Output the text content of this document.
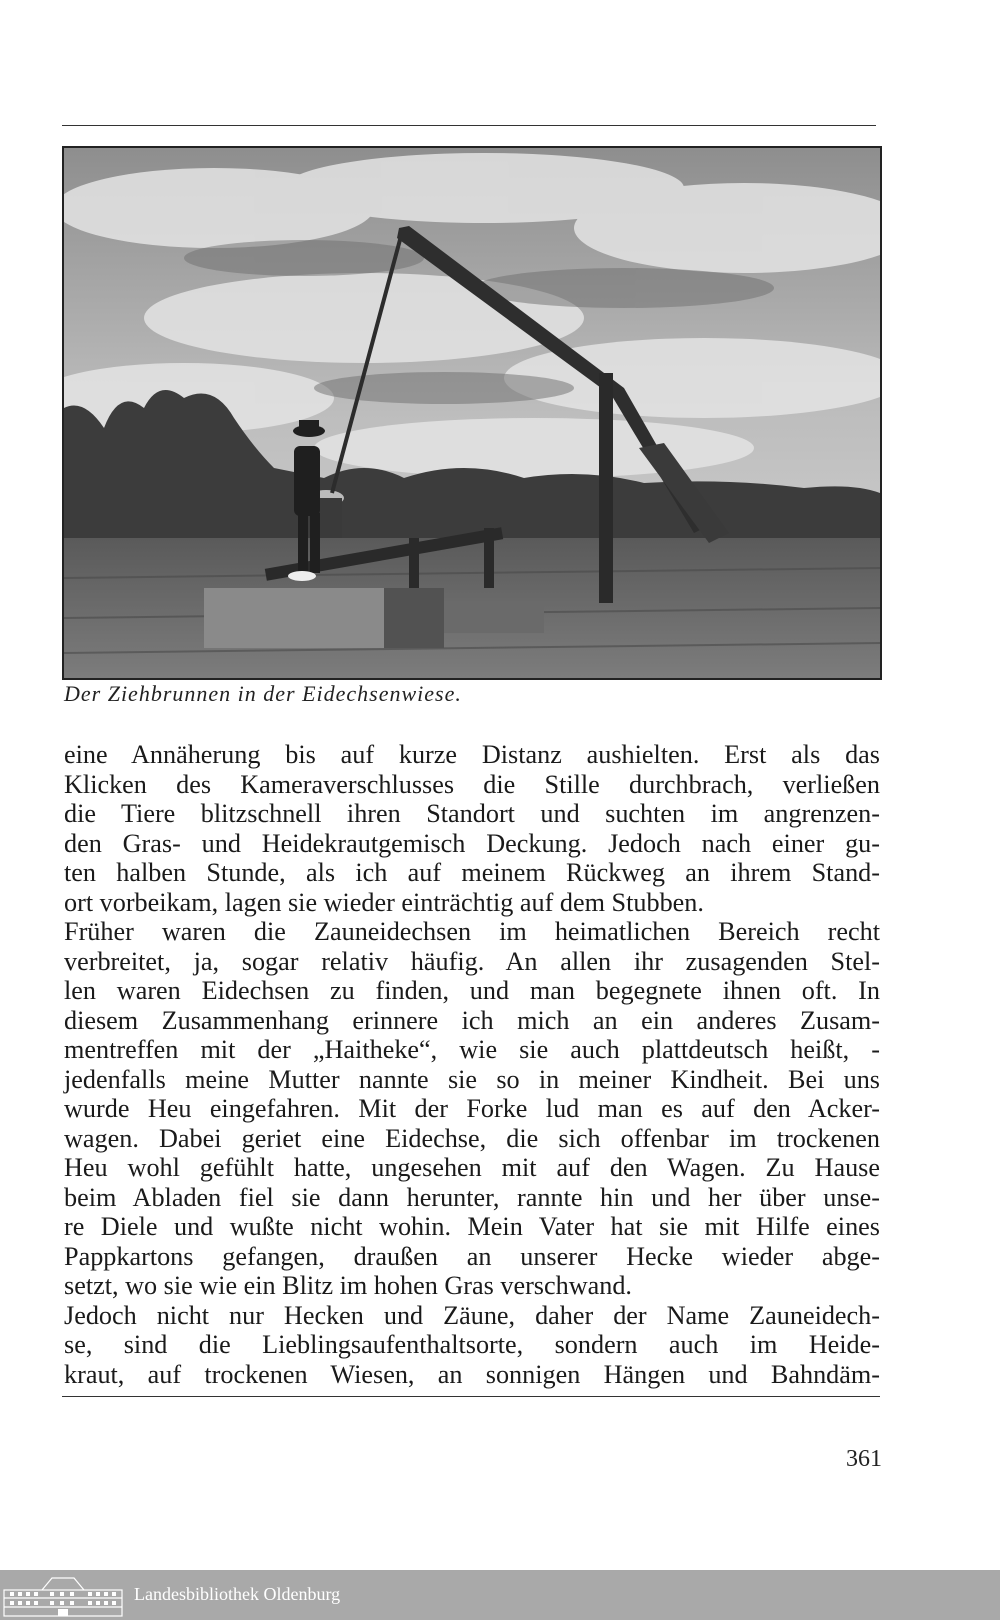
Der Ziehbrunnen in der Eidechsenwiese.
eine Annäherung bis auf kurze Distanz aushielten. Erst als das
Klicken des Kameraverschlusses die Stille durchbrach, verließen
die Tiere blitzschnell ihren Standort und suchten im angrenzen-
den Gras- und Heidekrautgemisch Deckung. Jedoch nach einer gu-
ten halben Stunde, als ich auf meinem Rückweg an ihrem Stand-
ort vorbeikam, lagen sie wieder einträchtig auf dem Stubben.
Früher waren die Zauneidechsen im heimatlichen Bereich recht
verbreitet, ja, sogar relativ häufig. An allen ihr zusagenden Stel-
len waren Eidechsen zu finden, und man begegnete ihnen oft. In
diesem Zusammenhang erinnere ich mich an ein anderes Zusam-
mentreffen mit der „Haitheke“, wie sie auch plattdeutsch heißt, -
jedenfalls meine Mutter nannte sie so in meiner Kindheit. Bei uns
wurde Heu eingefahren. Mit der Forke lud man es auf den Acker-
wagen. Dabei geriet eine Eidechse, die sich offenbar im trockenen
Heu wohl gefühlt hatte, ungesehen mit auf den Wagen. Zu Hause
beim Abladen fiel sie dann herunter, rannte hin und her über unse-
re Diele und wußte nicht wohin. Mein Vater hat sie mit Hilfe eines
Pappkartons gefangen, draußen an unserer Hecke wieder abge-
setzt, wo sie wie ein Blitz im hohen Gras verschwand.
Jedoch nicht nur Hecken und Zäune, daher der Name Zauneidech-
se, sind die Lieblingsaufenthaltsorte, sondern auch im Heide-
kraut, auf trockenen Wiesen, an sonnigen Hängen und Bahndäm-
361
Landesbibliothek Oldenburg
